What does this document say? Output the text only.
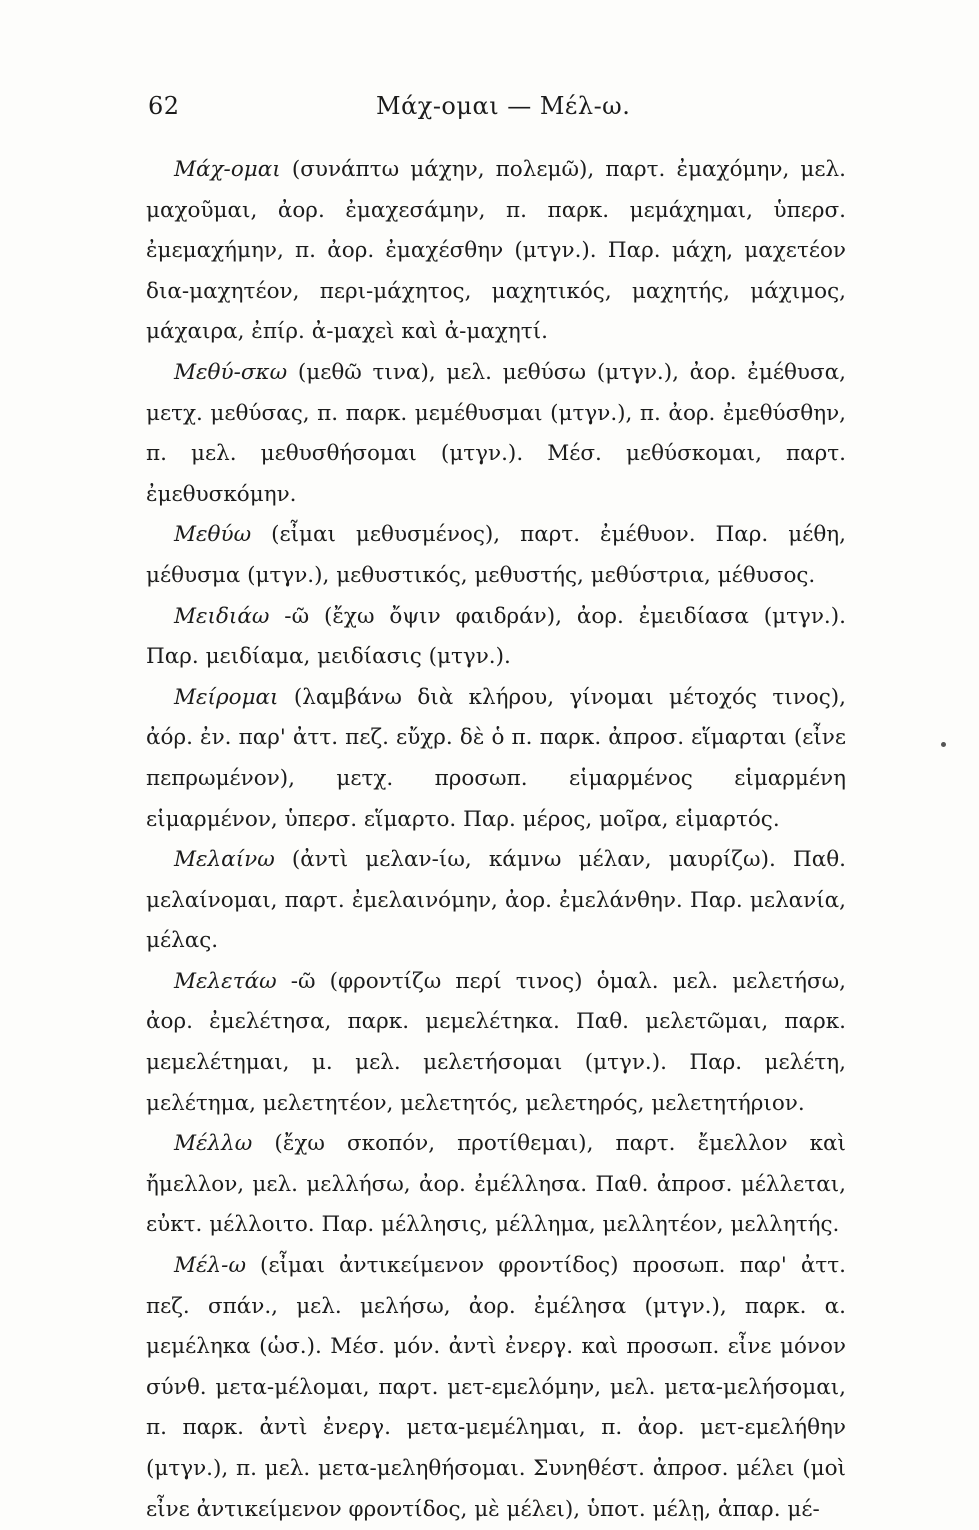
62	Μάχ-ομαι — Μέλ-ω.

Μάχ-ομαι (συνάπτω μάχην, πολεμῶ), παρτ. ἐμαχόμην, μελ. μαχοῦμαι, ἀορ. ἐμαχεσάμην, π. παρκ. μεμάχημαι, ὑπερσ. ἐμεμαχήμην, π. ἀορ. ἐμαχέσθην (μτγν.). Παρ. μάχη, μαχετέον δια-μαχητέον, περι-μάχητος, μαχητικός, μαχητής, μάχιμος, μάχαιρα, ἐπίρ. ἀ-μαχεὶ καὶ ἀ-μαχητί.

Μεθύ-σκω (μεθῶ τινα), μελ. μεθύσω (μτγν.), ἀορ. ἐμέθυσα, μετχ. μεθύσας, π. παρκ. μεμέθυσμαι (μτγν.), π. ἀορ. ἐμεθύσθην, π. μελ. μεθυσθήσομαι (μτγν.). Μέσ. μεθύσκομαι, παρτ. ἐμεθυσκόμην.

Μεθύω (εἶμαι μεθυσμένος), παρτ. ἐμέθυον. Παρ. μέθη, μέθυσμα (μτγν.), μεθυστικός, μεθυστής, μεθύστρια, μέθυσος.

Μειδιάω -ῶ (ἔχω ὄψιν φαιδράν), ἀορ. ἐμειδίασα (μτγν.). Παρ. μειδίαμα, μειδίασις (μτγν.).

Μείρομαι (λαμβάνω διὰ κλήρου, γίνομαι μέτοχός τινος), ἀόρ. ἐν. παρ' ἀττ. πεζ. εὔχρ. δὲ ὁ π. παρκ. ἀπροσ. εἵμαρται (εἶνε πεπρωμένον), μετχ. προσωπ. εἱμαρμένος εἱμαρμένη εἱμαρμένον, ὑπερσ. εἵμαρτο. Παρ. μέρος, μοῖρα, εἱμαρτός.

Μελαίνω (ἀντὶ μελαν-ίω, κάμνω μέλαν, μαυρίζω). Παθ. μελαίνομαι, παρτ. ἐμελαινόμην, ἀορ. ἐμελάνθην. Παρ. μελανία, μέλας.

Μελετάω -ῶ (φροντίζω περί τινος) ὁμαλ. μελ. μελετήσω, ἀορ. ἐμελέτησα, παρκ. μεμελέτηκα. Παθ. μελετῶμαι, παρκ. μεμελέτημαι, μ. μελ. μελετήσομαι (μτγν.). Παρ. μελέτη, μελέτημα, μελετητέον, μελετητός, μελετηρός, μελετητήριον.

Μέλλω (ἔχω σκοπόν, προτίθεμαι), παρτ. ἔμελλον καὶ ἤμελλον, μελ. μελλήσω, ἀορ. ἐμέλλησα. Παθ. ἀπροσ. μέλλεται, εὐκτ. μέλλοιτο. Παρ. μέλλησις, μέλλημα, μελλητέον, μελλητής.

Μέλ-ω (εἶμαι ἀντικείμενον φροντίδος) προσωπ. παρ' ἀττ. πεζ. σπάν., μελ. μελήσω, ἀορ. ἐμέλησα (μτγν.), παρκ. α. μεμέληκα (ὡσ.). Μέσ. μόν. ἀντὶ ἐνεργ. καὶ προσωπ. εἶνε μόνον σύνθ. μετα-μέλομαι, παρτ. μετ-εμελόμην, μελ. μετα-μελήσομαι, π. παρκ. ἀντὶ ἐνεργ. μετα-μεμέλημαι, π. ἀορ. μετ-εμελήθην (μτγν.), π. μελ. μετα-μεληθήσομαι. Συνηθέστ. ἀπροσ. μέλει (μοὶ εἶνε ἀντικείμενον φροντίδος, μὲ μέλει), ὑποτ. μέλῃ, ἀπαρ. μέ-
